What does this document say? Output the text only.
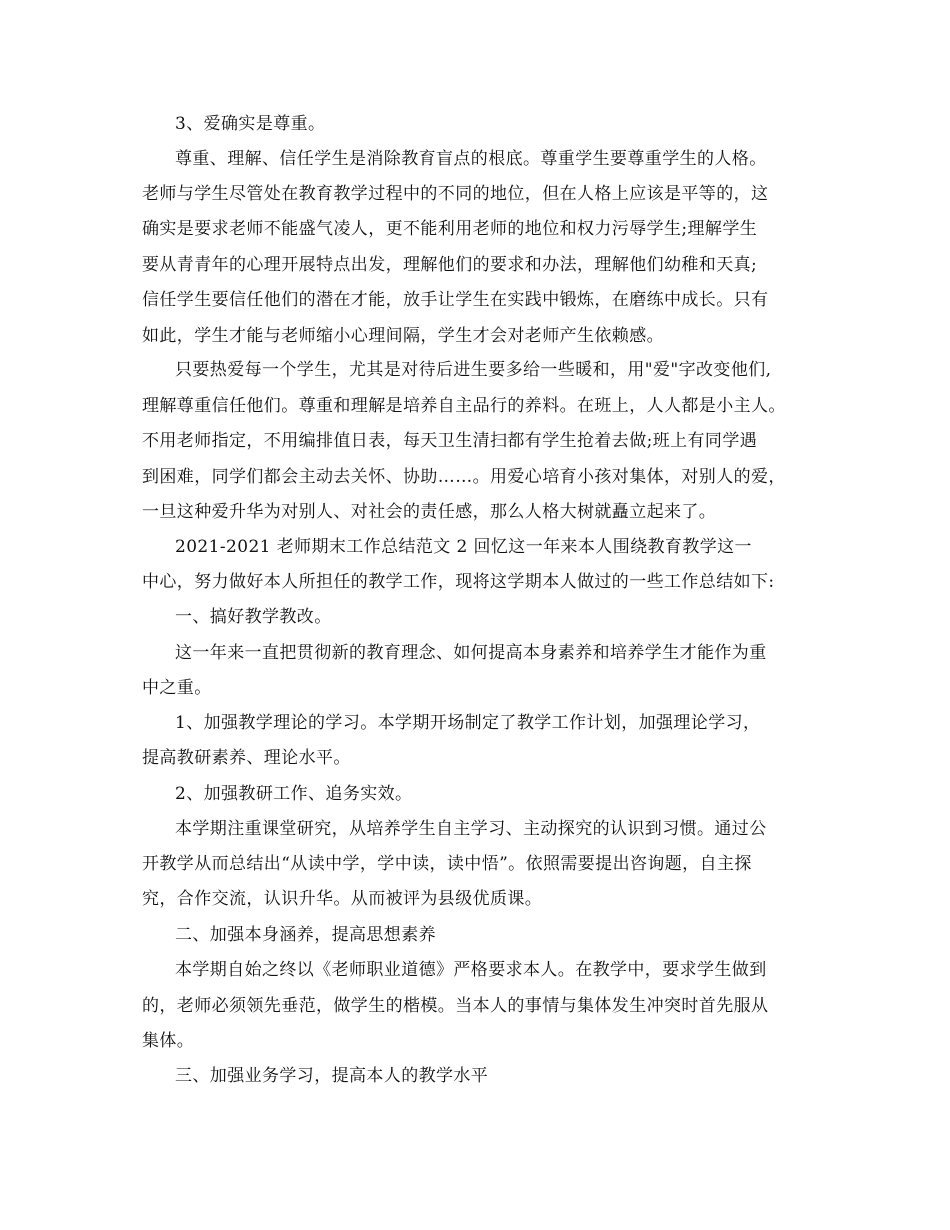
3、爱确实是尊重。
尊重、理解、信任学生是消除教育盲点的根底。尊重学生要尊重学生的人格。
老师与学生尽管处在教育教学过程中的不同的地位，但在人格上应该是平等的，这
确实是要求老师不能盛气凌人，更不能利用老师的地位和权力污辱学生;理解学生
要从青青年的心理开展特点出发，理解他们的要求和办法，理解他们幼稚和天真;
信任学生要信任他们的潜在才能，放手让学生在实践中锻炼，在磨练中成长。只有
如此，学生才能与老师缩小心理间隔，学生才会对老师产生依赖感。
只要热爱每一个学生，尤其是对待后进生要多给一些暖和，用"爱"字改变他们,
理解尊重信任他们。尊重和理解是培养自主品行的养料。在班上，人人都是小主人。
不用老师指定，不用编排值日表，每天卫生清扫都有学生抢着去做;班上有同学遇
到困难，同学们都会主动去关怀、协助……。用爱心培育小孩对集体，对别人的爱，
一旦这种爱升华为对别人、对社会的责任感，那么人格大树就矗立起来了。
2021-2021 老师期末工作总结范文 2 回忆这一年来本人围绕教育教学这一
中心，努力做好本人所担任的教学工作，现将这学期本人做过的一些工作总结如下:
一、搞好教学教改。
这一年来一直把贯彻新的教育理念、如何提高本身素养和培养学生才能作为重
中之重。
1、加强教学理论的学习。本学期开场制定了教学工作计划，加强理论学习，
提高教研素养、理论水平。
2、加强教研工作、追务实效。
本学期注重课堂研究，从培养学生自主学习、主动探究的认识到习惯。通过公
开教学从而总结出“从读中学，学中读，读中悟”。依照需要提出咨询题，自主探
究，合作交流，认识升华。从而被评为县级优质课。
二、加强本身涵养，提高思想素养
本学期自始之终以《老师职业道德》严格要求本人。在教学中，要求学生做到
的，老师必须领先垂范，做学生的楷模。当本人的事情与集体发生冲突时首先服从
集体。
三、加强业务学习，提高本人的教学水平
